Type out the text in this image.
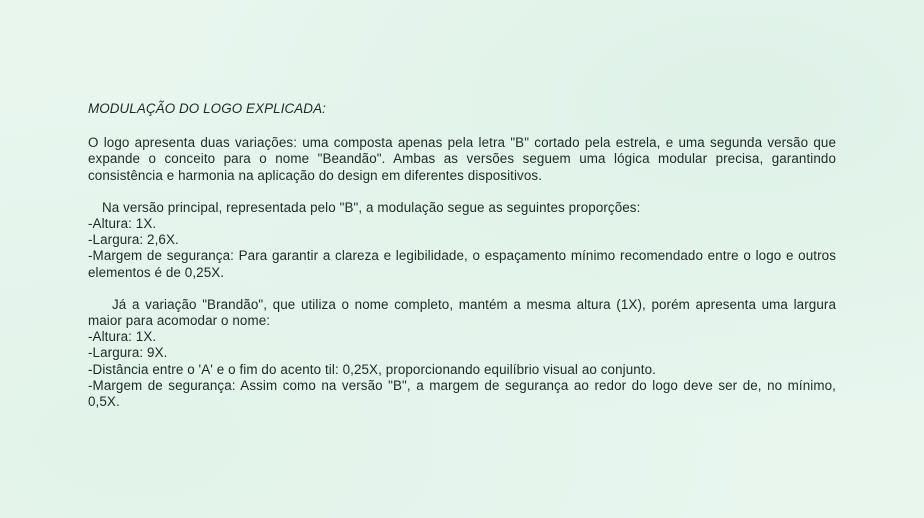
MODULAÇÃO DO LOGO EXPLICADA:

O logo apresenta duas variações: uma composta apenas pela letra "B" cortado pela estrela, e uma segunda versão que expande o conceito para o nome "Beandão". Ambas as versões seguem uma lógica modular precisa, garantindo consistência e harmonia na aplicação do design em diferentes dispositivos.

Na versão principal, representada pelo "B", a modulação segue as seguintes proporções:

-Altura: 1X.

-Largura: 2,6X.

-Margem de segurança: Para garantir a clareza e legibilidade, o espaçamento mínimo recomendado entre o logo e outros elementos é de 0,25X.

Já a variação "Brandão", que utiliza o nome completo, mantém a mesma altura (1X), porém apresenta uma largura maior para acomodar o nome:

-Altura: 1X.

-Largura: 9X.

-Distância entre o 'A' e o fim do acento til: 0,25X, proporcionando equilíbrio visual ao conjunto.

-Margem de segurança: Assim como na versão "B", a margem de segurança ao redor do logo deve ser de, no mínimo, 0,5X.
